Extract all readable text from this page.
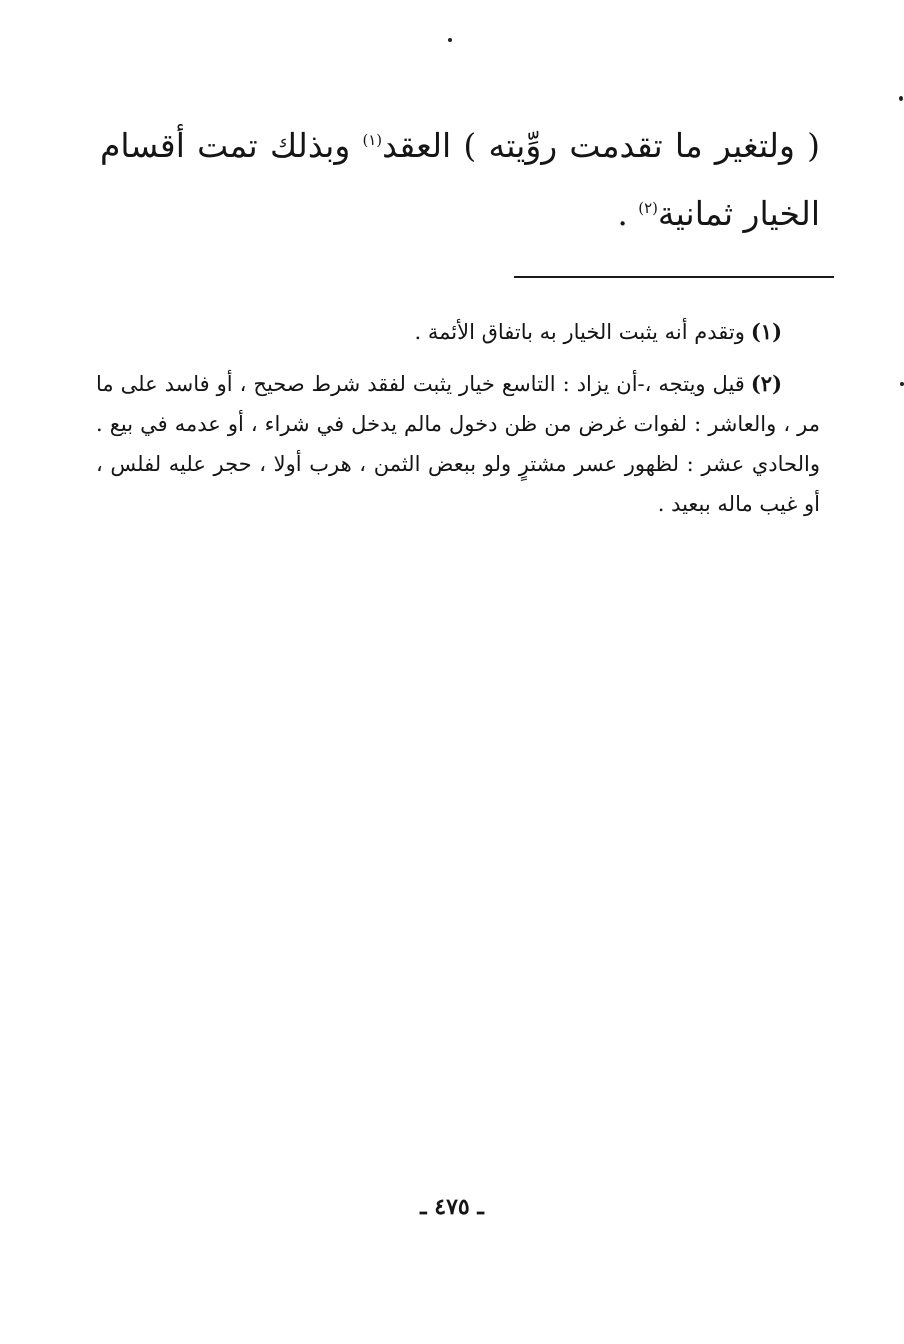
( ولتغير ما تقدمت روِّيته ) العقد$^{(١)}$ وبذلك تمت أقسام الخيار ثمانية$^{(٢)}$ .

(١)وتقدم أنه يثبت الخيار به باتفاق الأئمة .

(٢)قيل ويتجه ،-أن يزاد : التاسع خيار يثبت لفقد شرط صحيح ، أو فاسد على ما مر ، والعاشر : لفوات غرض من ظن دخول مالم يدخل في شراء ، أو عدمه في بيع . والحادي عشر : لظهور عسر مشترٍ ولو ببعض الثمن ، هرب أولا ، حجر عليه لفلس ، أو غيب ماله ببعيد .

ـ ٤٧٥ ـ
